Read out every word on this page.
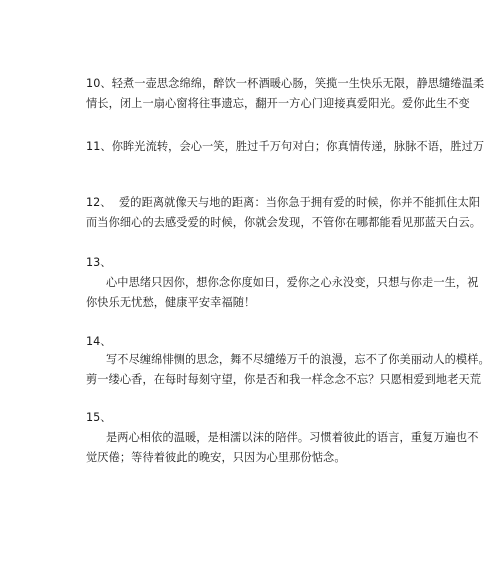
10、轻煮一壶思念绵绵，醉饮一杯酒暖心肠，笑揽一生快乐无限，静思缱绻温柔
情长，闭上一扇心窗将往事遗忘，翻开一方心门迎接真爱阳光。爱你此生不变
11、你眸光流转，会心一笑，胜过千万句对白；你真情传递，脉脉不语，胜过万
12、 爱的距离就像天与地的距离：当你急于拥有爱的时候，你并不能抓住太阳
而当你细心的去感受爱的时候，你就会发现，不管你在哪都能看见那蓝天白云。
13、
心中思绪只因你，想你念你度如日，爱你之心永没变，只想与你走一生，祝
你快乐无忧愁，健康平安幸福随！
14、
写不尽缠绵悱恻的思念，舞不尽缱绻万千的浪漫，忘不了你美丽动人的模样。
剪一缕心香，在每时每刻守望，你是否和我一样念念不忘？只愿相爱到地老天荒
15、
是两心相依的温暖，是相濡以沫的陪伴。习惯着彼此的语言，重复万遍也不
觉厌倦；等待着彼此的晚安，只因为心里那份惦念。
